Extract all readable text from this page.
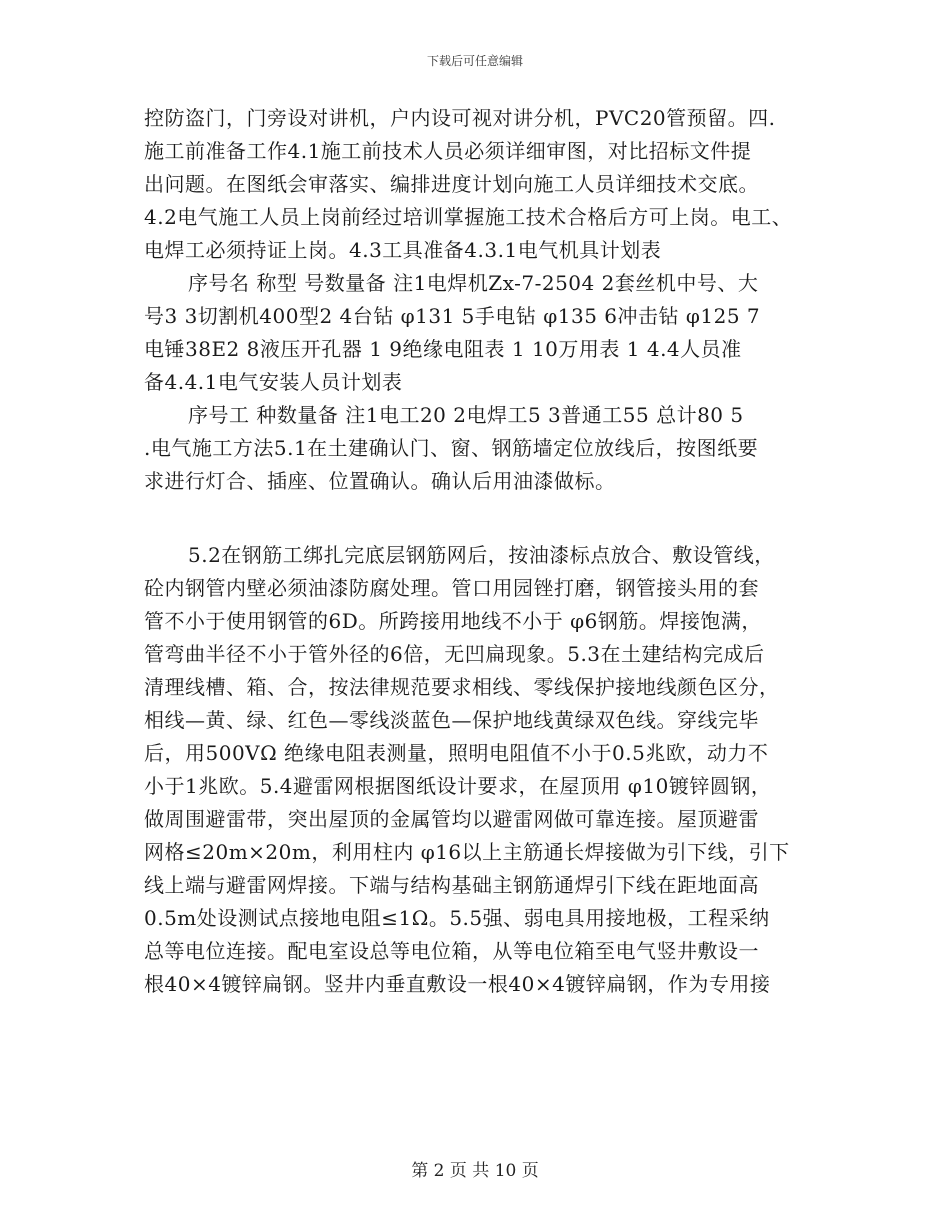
下载后可任意编辑
控防盗门，门旁设对讲机，户内设可视对讲分机，PVC20管预留。四.
施工前准备工作4.1施工前技术人员必须详细审图，对比招标文件提
出问题。在图纸会审落实、编排进度计划向施工人员详细技术交底。
4.2电气施工人员上岗前经过培训掌握施工技术合格后方可上岗。电工、
电焊工必须持证上岗。4.3工具准备4.3.1电气机具计划表
序号名 称型 号数量备 注1电焊机Zx-7-2504 2套丝机中号、大
号3 3切割机400型2 4台钻 φ131 5手电钻 φ135 6冲击钻 φ125 7
电锤38E2 8液压开孔器 1 9绝缘电阻表 1 10万用表 1 4.4人员准
备4.4.1电气安装人员计划表
序号工 种数量备 注1电工20 2电焊工5 3普通工55 总计80 5
.电气施工方法5.1在土建确认门、窗、钢筋墙定位放线后，按图纸要
求进行灯合、插座、位置确认。确认后用油漆做标。
5.2在钢筋工绑扎完底层钢筋网后，按油漆标点放合、敷设管线，
砼内钢管内壁必须油漆防腐处理。管口用园锉打磨，钢管接头用的套
管不小于使用钢管的6D。所跨接用地线不小于 φ6钢筋。焊接饱满，
管弯曲半径不小于管外径的6倍，无凹扁现象。5.3在土建结构完成后
清理线槽、箱、合，按法律规范要求相线、零线保护接地线颜色区分，
相线—黄、绿、红色—零线淡蓝色—保护地线黄绿双色线。穿线完毕
后，用500VΩ 绝缘电阻表测量，照明电阻值不小于0.5兆欧，动力不
小于1兆欧。5.4避雷网根据图纸设计要求，在屋顶用 φ10镀锌圆钢，
做周围避雷带，突出屋顶的金属管均以避雷网做可靠连接。屋顶避雷
网格≤20m×20m，利用柱内 φ16以上主筋通长焊接做为引下线，引下
线上端与避雷网焊接。下端与结构基础主钢筋通焊引下线在距地面高
0.5m处设测试点接地电阻≤1Ω。5.5强、弱电具用接地极，工程采纳
总等电位连接。配电室设总等电位箱，从等电位箱至电气竖井敷设一
根40×4镀锌扁钢。竖井内垂直敷设一根40×4镀锌扁钢，作为专用接
第 2 页 共 10 页
